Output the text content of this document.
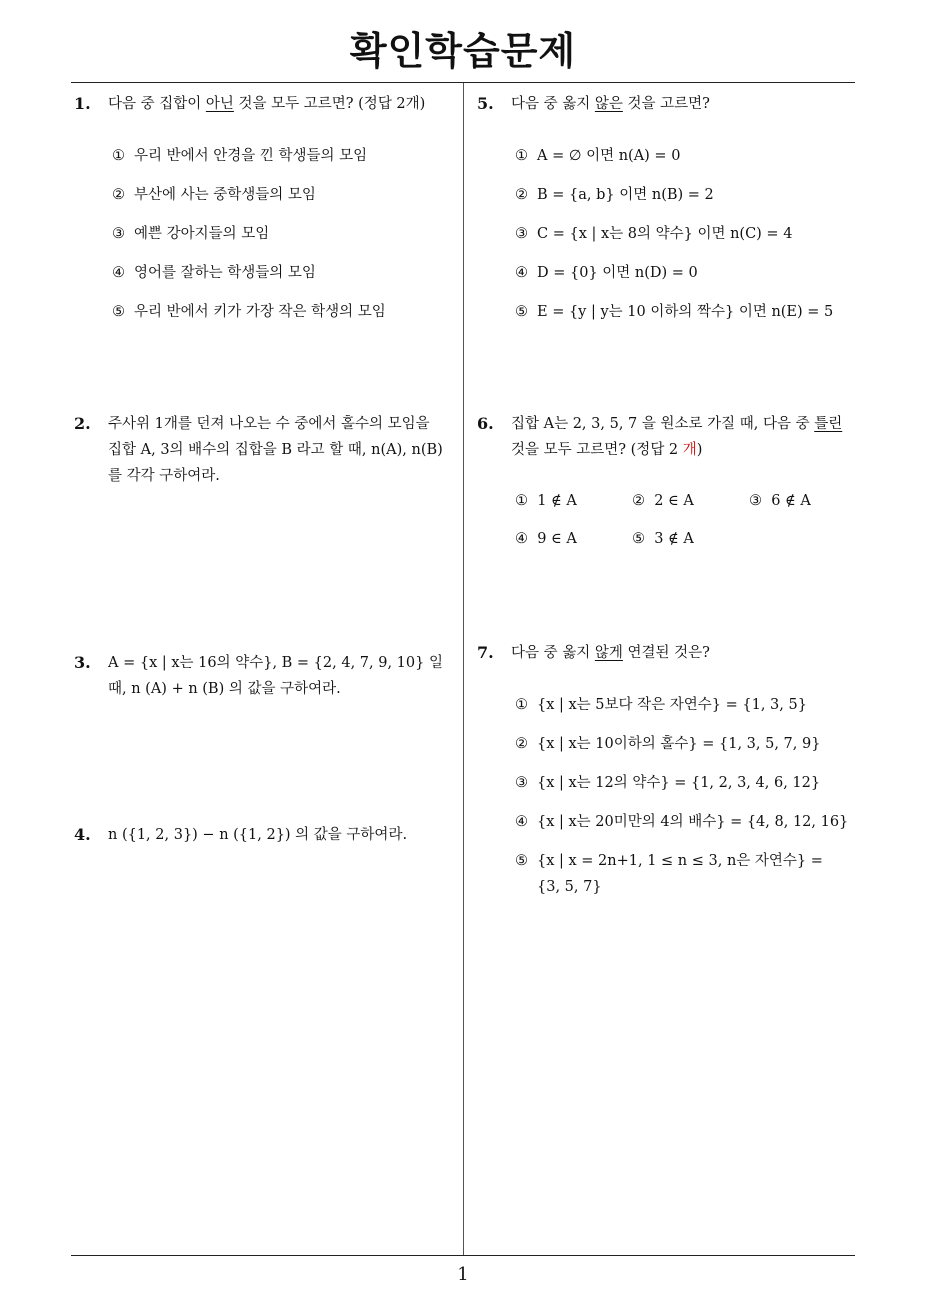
확인학습문제
1
1. 다음 중 집합이 아닌 것을 모두 고르면? (정답 2개)
① 우리 반에서 안경을 낀 학생들의 모임
② 부산에 사는 중학생들의 모임
③ 예쁜 강아지들의 모임
④ 영어를 잘하는 학생들의 모임
⑤ 우리 반에서 키가 가장 작은 학생의 모임
2. 주사위 1개를 던져 나오는 수 중에서 홀수의 모임을
집합 A, 3의 배수의 집합을 B 라고 할 때, n(A), n(B)
를 각각 구하여라.
3. A = {x | x는 16의 약수}, B = {2, 4, 7, 9, 10} 일
때, n (A) + n (B) 의 값을 구하여라.
4. n ({1, 2, 3}) − n ({1, 2}) 의 값을 구하여라.
5. 다음 중 옳지 않은 것을 고르면?
① A = ∅ 이면 n(A) = 0
② B = {a, b} 이면 n(B) = 2
③ C = {x | x는 8의 약수} 이면 n(C) = 4
④ D = {0} 이면 n(D) = 0
⑤ E = {y | y는 10 이하의 짝수} 이면 n(E) = 5
6. 집합 A는 2, 3, 5, 7 을 원소로 가질 때, 다음 중 틀린
것을 모두 고르면? (정답 2 개)
① 1 ∉ A	② 2 ∈ A	③ 6 ∉ A
④ 9 ∈ A	⑤ 3 ∉ A
7. 다음 중 옳지 않게 연결된 것은?
① {x | x는 5보다 작은 자연수} = {1, 3, 5}
② {x | x는 10이하의 홀수} = {1, 3, 5, 7, 9}
③ {x | x는 12의 약수} = {1, 2, 3, 4, 6, 12}
④ {x | x는 20미만의 4의 배수} = {4, 8, 12, 16}
⑤ {x | x = 2n+1, 1 ≤ n ≤ 3, n은 자연수} = {3, 5, 7}
